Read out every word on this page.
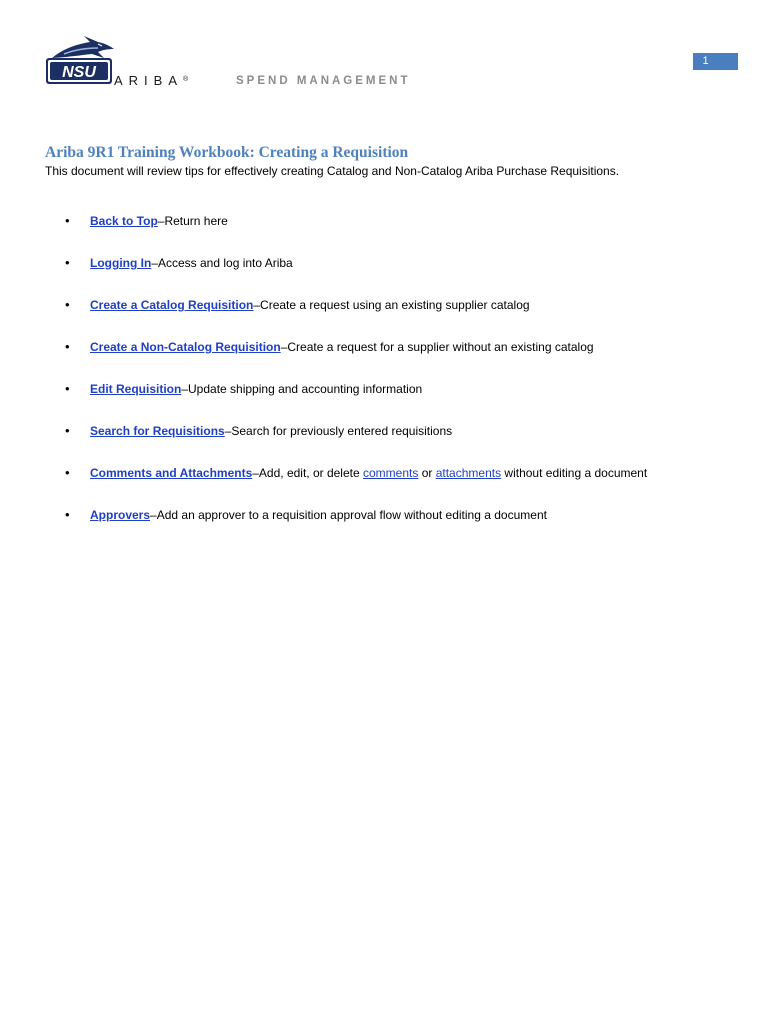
NSU ARIBA®	SPEND MANAGEMENT
1
Ariba 9R1 Training Workbook: Creating a Requisition

This document will review tips for effectively creating Catalog and Non-Catalog Ariba Purchase Requisitions.

• Back to Top–Return here
• Logging In–Access and log into Ariba
• Create a Catalog Requisition–Create a request using an existing supplier catalog
• Create a Non-Catalog Requisition–Create a request for a supplier without an existing catalog
• Edit Requisition–Update shipping and accounting information
• Search for Requisitions–Search for previously entered requisitions
• Comments and Attachments–Add, edit, or delete comments or attachments without editing a document
• Approvers–Add an approver to a requisition approval flow without editing a document
